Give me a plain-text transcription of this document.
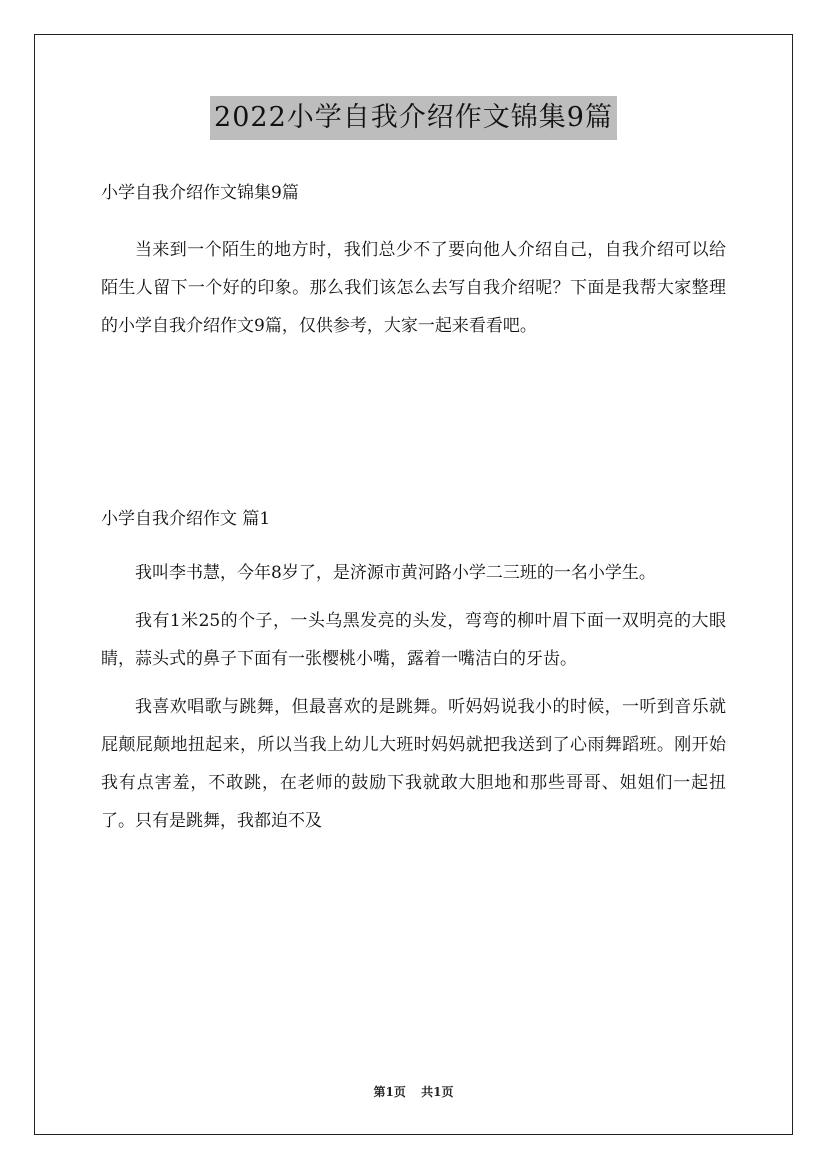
2022小学自我介绍作文锦集9篇
小学自我介绍作文锦集9篇

当来到一个陌生的地方时，我们总少不了要向他人介绍自己，自我介绍可以给陌生人留下一个好的印象。那么我们该怎么去写自我介绍呢？下面是我帮大家整理的小学自我介绍作文9篇，仅供参考，大家一起来看看吧。

小学自我介绍作文 篇1

我叫李书慧，今年8岁了，是济源市黄河路小学二三班的一名小学生。

我有1米25的个子，一头乌黑发亮的头发，弯弯的柳叶眉下面一双明亮的大眼睛，蒜头式的鼻子下面有一张樱桃小嘴，露着一嘴洁白的牙齿。

我喜欢唱歌与跳舞，但最喜欢的是跳舞。听妈妈说我小的时候，一听到音乐就屁颠屁颠地扭起来，所以当我上幼儿大班时妈妈就把我送到了心雨舞蹈班。刚开始我有点害羞，不敢跳，在老师的鼓励下我就敢大胆地和那些哥哥、姐姐们一起扭了。只有是跳舞，我都迫不及

第1页 共1页
